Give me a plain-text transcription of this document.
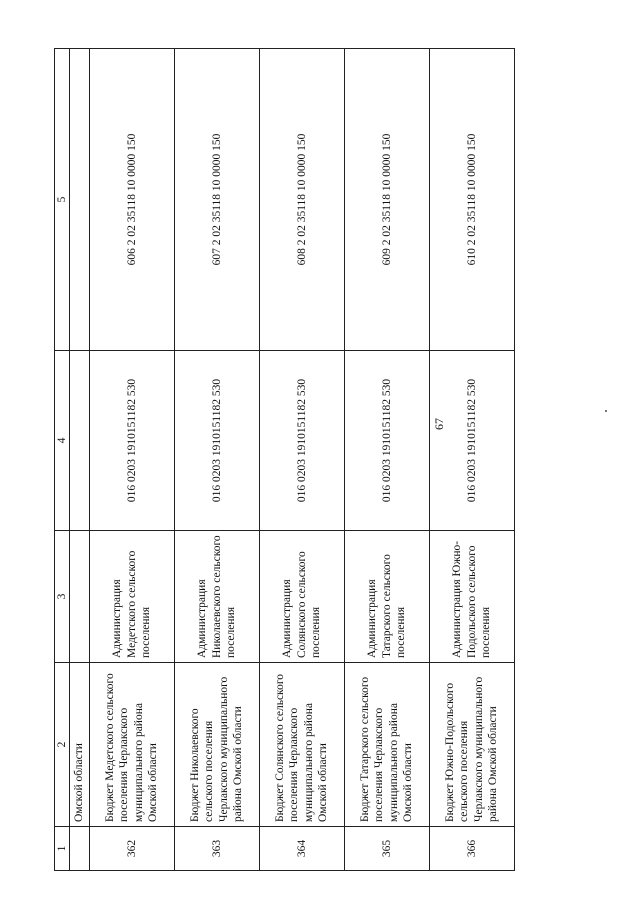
67
1	2	3	4	5
	Омской области			
362	Бюджет Медетского сельского поселения Черлакского муниципального района Омской области	Администрация Медетского сельского поселения	016 0203 1910151182 530	606 2 02 35118 10 0000 150
363	Бюджет Николаевского сельского поселения Черлакского муниципального района Омской области	Администрация Николаевского сельского поселения	016 0203 1910151182 530	607 2 02 35118 10 0000 150
364	Бюджет Солянского сельского поселения Черлакского муниципального района Омской области	Администрация Солянского сельского поселения	016 0203 1910151182 530	608 2 02 35118 10 0000 150
365	Бюджет Татарского сельского поселения Черлакского муниципального района Омской области	Администрация Татарского сельского поселения	016 0203 1910151182 530	609 2 02 35118 10 0000 150
366	Бюджет Южно-Подольского сельского поселения Черлакского муниципального района Омской области	Администрация Южно-Подольского сельского поселения	016 0203 1910151182 530	610 2 02 35118 10 0000 150
